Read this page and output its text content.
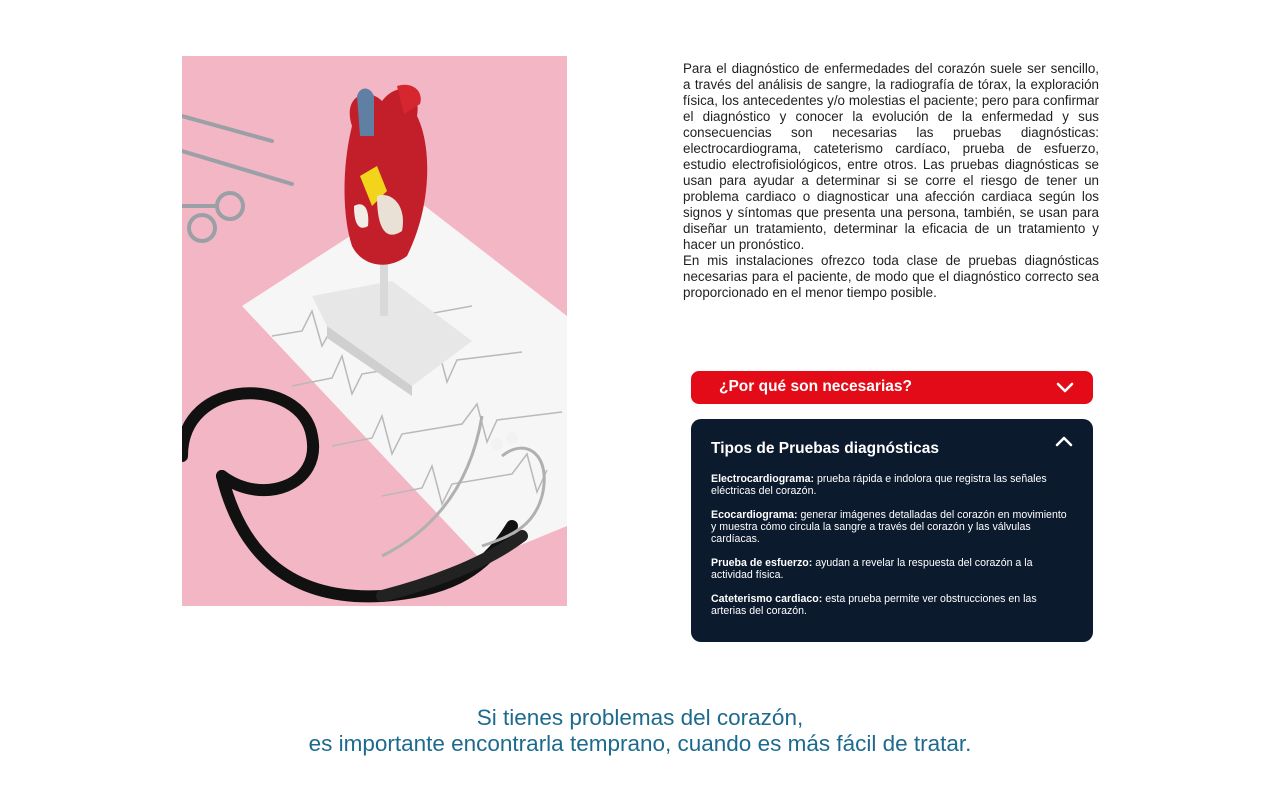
Para el diagnóstico de enfermedades del corazón suele ser sencillo, a través del análisis de sangre, la radiografía de tórax, la exploración física, los antecedentes y/o molestias el paciente; pero para confirmar el diagnóstico y conocer la evolución de la enfermedad y sus consecuencias son necesarias las pruebas diagnósticas: electrocardiograma, cateterismo cardíaco, prueba de esfuerzo, estudio electrofisiológicos, entre otros. Las pruebas diagnósticas se usan para ayudar a determinar si se corre el riesgo de tener un problema cardiaco o diagnosticar una afección cardiaca según los signos y síntomas que presenta una persona, también, se usan para diseñar un tratamiento, determinar la eficacia de un tratamiento y hacer un pronóstico.

En mis instalaciones ofrezco toda clase de pruebas diagnósticas necesarias para el paciente, de modo que el diagnóstico correcto sea proporcionado en el menor tiempo posible.

¿Por qué son necesarias?
Tipos de Pruebas diagnósticas
Electrocardiograma: prueba rápida e indolora que registra las señales eléctricas del corazón.
Ecocardiograma: generar imágenes detalladas del corazón en movimiento y muestra cómo circula la sangre a través del corazón y las válvulas cardíacas.
Prueba de esfuerzo: ayudan a revelar la respuesta del corazón a la actividad física.
Cateterismo cardiaco: esta prueba permite ver obstrucciones en las arterias del corazón.
Si tienes problemas del corazón,
es importante encontrarla temprano, cuando es más fácil de tratar.
